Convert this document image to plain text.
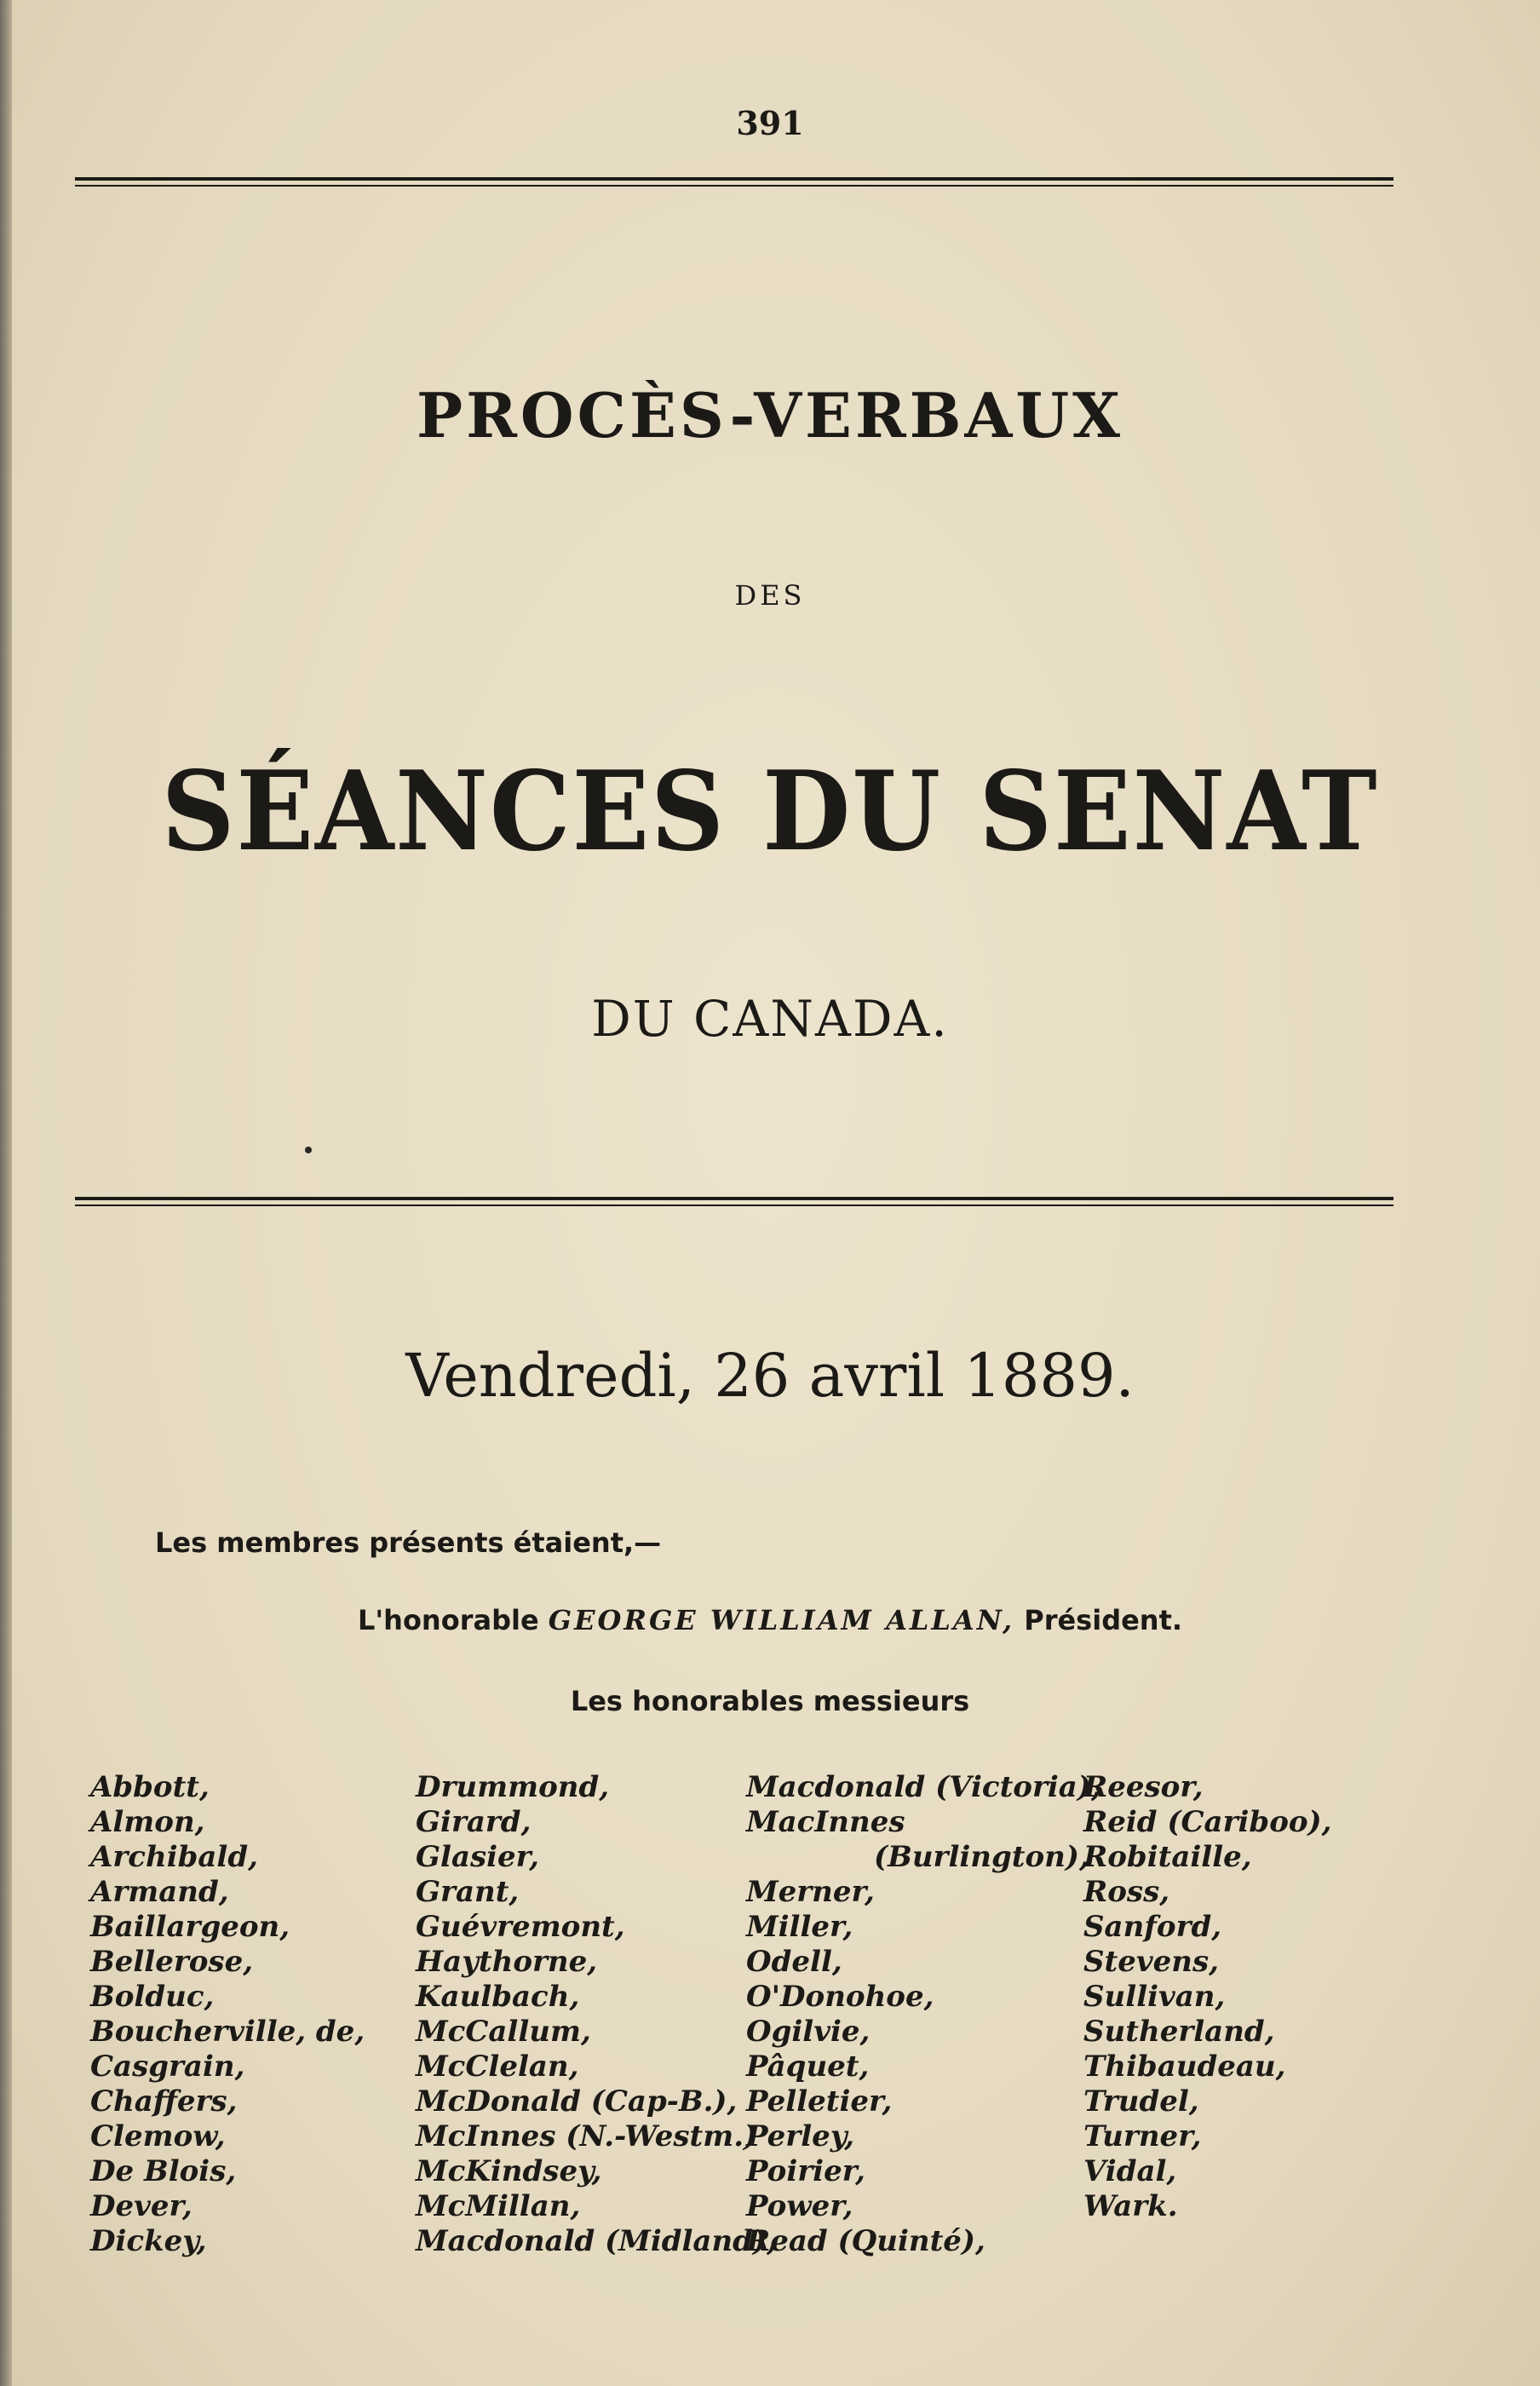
391
PROCÈS-VERBAUX
DES
SÉANCES DU SENAT
DU CANADA.
Vendredi, 26 avril 1889.
Les membres présents étaient,—
L'honorable GEORGE WILLIAM ALLAN, Président.
Les honorables messieurs
Abbott,
Almon,
Archibald,
Armand,
Baillargeon,
Bellerose,
Bolduc,
Boucherville, de,
Casgrain,
Chaffers,
Clemow,
De Blois,
Dever,
Dickey,
Drummond,
Girard,
Glasier,
Grant,
Guévremont,
Haythorne,
Kaulbach,
McCallum,
McClelan,
McDonald (Cap-B.),
McInnes (N.-Westm.)
McKindsey,
McMillan,
Macdonald (Midland),
Macdonald (Victoria),
MacInnes
(Burlington),
Merner,
Miller,
Odell,
O'Donohoe,
Ogilvie,
Pâquet,
Pelletier,
Perley,
Poirier,
Power,
Read (Quinté),
Reesor,
Reid (Cariboo),
Robitaille,
Ross,
Sanford,
Stevens,
Sullivan,
Sutherland,
Thibaudeau,
Trudel,
Turner,
Vidal,
Wark.
